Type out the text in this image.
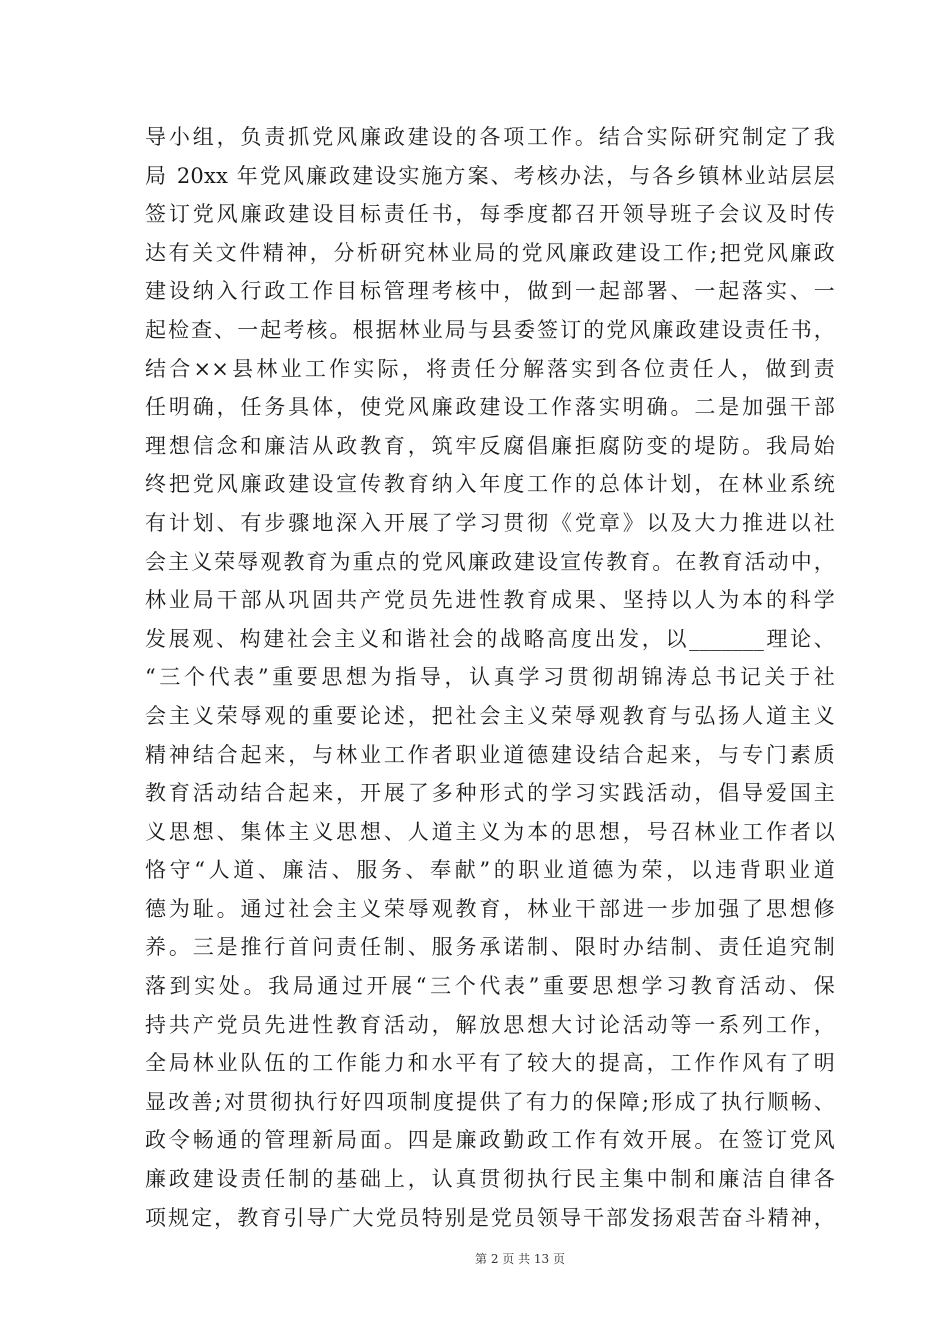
导小组，负责抓党风廉政建设的各项工作。结合实际研究制定了我
局 20xx 年党风廉政建设实施方案、考核办法，与各乡镇林业站层层
签订党风廉政建设目标责任书，每季度都召开领导班子会议及时传
达有关文件精神，分析研究林业局的党风廉政建设工作;把党风廉政
建设纳入行政工作目标管理考核中，做到一起部署、一起落实、一
起检查、一起考核。根据林业局与县委签订的党风廉政建设责任书，
结合××县林业工作实际，将责任分解落实到各位责任人，做到责
任明确，任务具体，使党风廉政建设工作落实明确。二是加强干部
理想信念和廉洁从政教育，筑牢反腐倡廉拒腐防变的堤防。我局始
终把党风廉政建设宣传教育纳入年度工作的总体计划，在林业系统
有计划、有步骤地深入开展了学习贯彻《党章》以及大力推进以社
会主义荣辱观教育为重点的党风廉政建设宣传教育。在教育活动中，
林业局干部从巩固共产党员先进性教育成果、坚持以人为本的科学
发展观、构建社会主义和谐社会的战略高度出发，以_______理论、
“三个代表”重要思想为指导，认真学习贯彻胡锦涛总书记关于社
会主义荣辱观的重要论述，把社会主义荣辱观教育与弘扬人道主义
精神结合起来，与林业工作者职业道德建设结合起来，与专门素质
教育活动结合起来，开展了多种形式的学习实践活动，倡导爱国主
义思想、集体主义思想、人道主义为本的思想，号召林业工作者以
恪守“人道、廉洁、服务、奉献”的职业道德为荣，以违背职业道
德为耻。通过社会主义荣辱观教育，林业干部进一步加强了思想修
养。三是推行首问责任制、服务承诺制、限时办结制、责任追究制
落到实处。我局通过开展“三个代表”重要思想学习教育活动、保
持共产党员先进性教育活动，解放思想大讨论活动等一系列工作，
全局林业队伍的工作能力和水平有了较大的提高，工作作风有了明
显改善;对贯彻执行好四项制度提供了有力的保障;形成了执行顺畅、
政令畅通的管理新局面。四是廉政勤政工作有效开展。在签订党风
廉政建设责任制的基础上，认真贯彻执行民主集中制和廉洁自律各
项规定，教育引导广大党员特别是党员领导干部发扬艰苦奋斗精神，
第 2 页 共 13 页
